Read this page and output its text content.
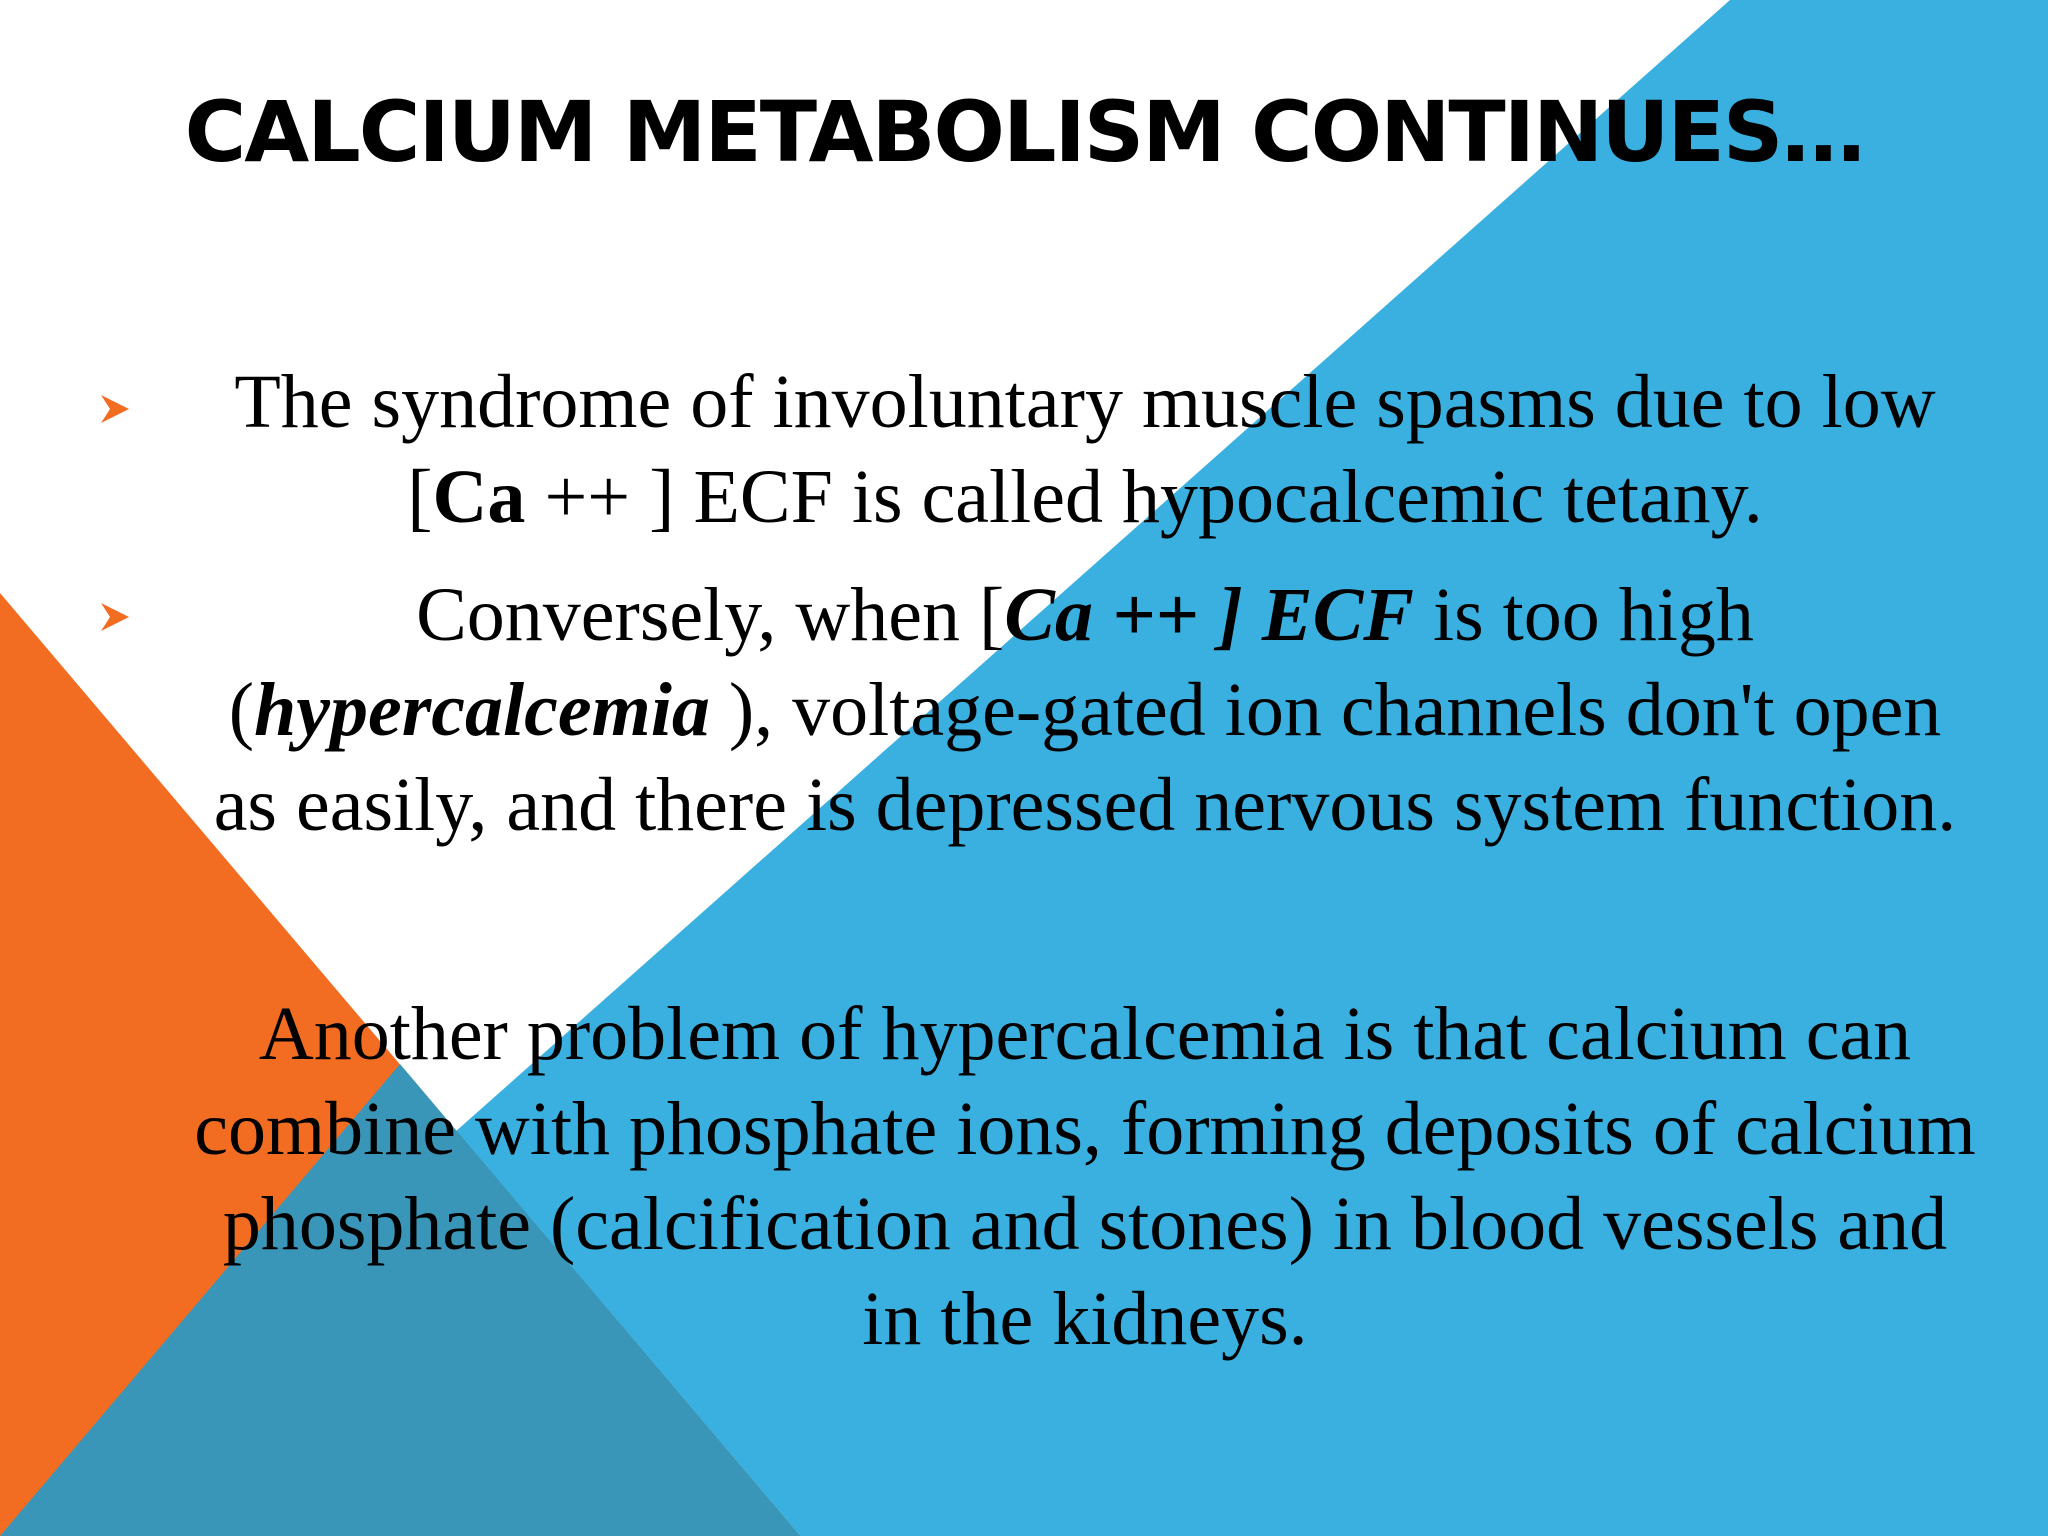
CALCIUM METABOLISM CONTINUES…
The syndrome of involuntary muscle spasms due to low [Ca ++ ] ECF is called hypocalcemic tetany.
Conversely, when [Ca ++ ] ECF is too high (hypercalcemia ), voltage-gated ion channels don't open as easily, and there is depressed nervous system function.
Another problem of hypercalcemia is that calcium can combine with phosphate ions, forming deposits of calcium phosphate (calcification and stones) in blood vessels and in the kidneys.
